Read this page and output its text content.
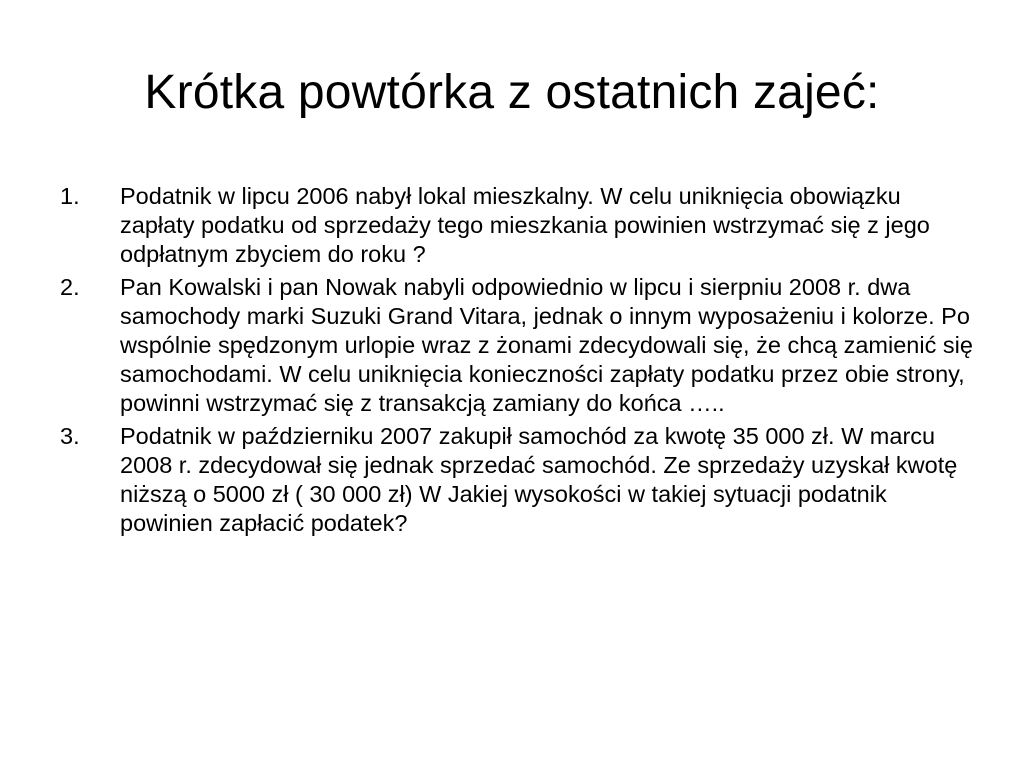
Krótka powtórka z ostatnich zajeć:
1.	Podatnik w lipcu 2006 nabył lokal mieszkalny. W celu uniknięcia obowiązku zapłaty podatku od sprzedaży tego mieszkania powinien wstrzymać się z jego odpłatnym zbyciem do roku ?
2.	Pan Kowalski i pan Nowak nabyli odpowiednio w lipcu i sierpniu 2008 r. dwa samochody marki Suzuki Grand Vitara, jednak o innym wyposażeniu i kolorze. Po wspólnie spędzonym urlopie wraz z żonami zdecydowali się, że chcą zamienić się samochodami. W celu uniknięcia konieczności zapłaty podatku przez obie strony, powinni wstrzymać się z transakcją zamiany do końca …..
3.	Podatnik w październiku 2007 zakupił samochód za kwotę 35 000 zł. W marcu 2008 r. zdecydował się jednak sprzedać samochód. Ze sprzedaży uzyskał kwotę niższą o 5000 zł ( 30 000 zł) W Jakiej wysokości w takiej sytuacji podatnik powinien zapłacić podatek?
